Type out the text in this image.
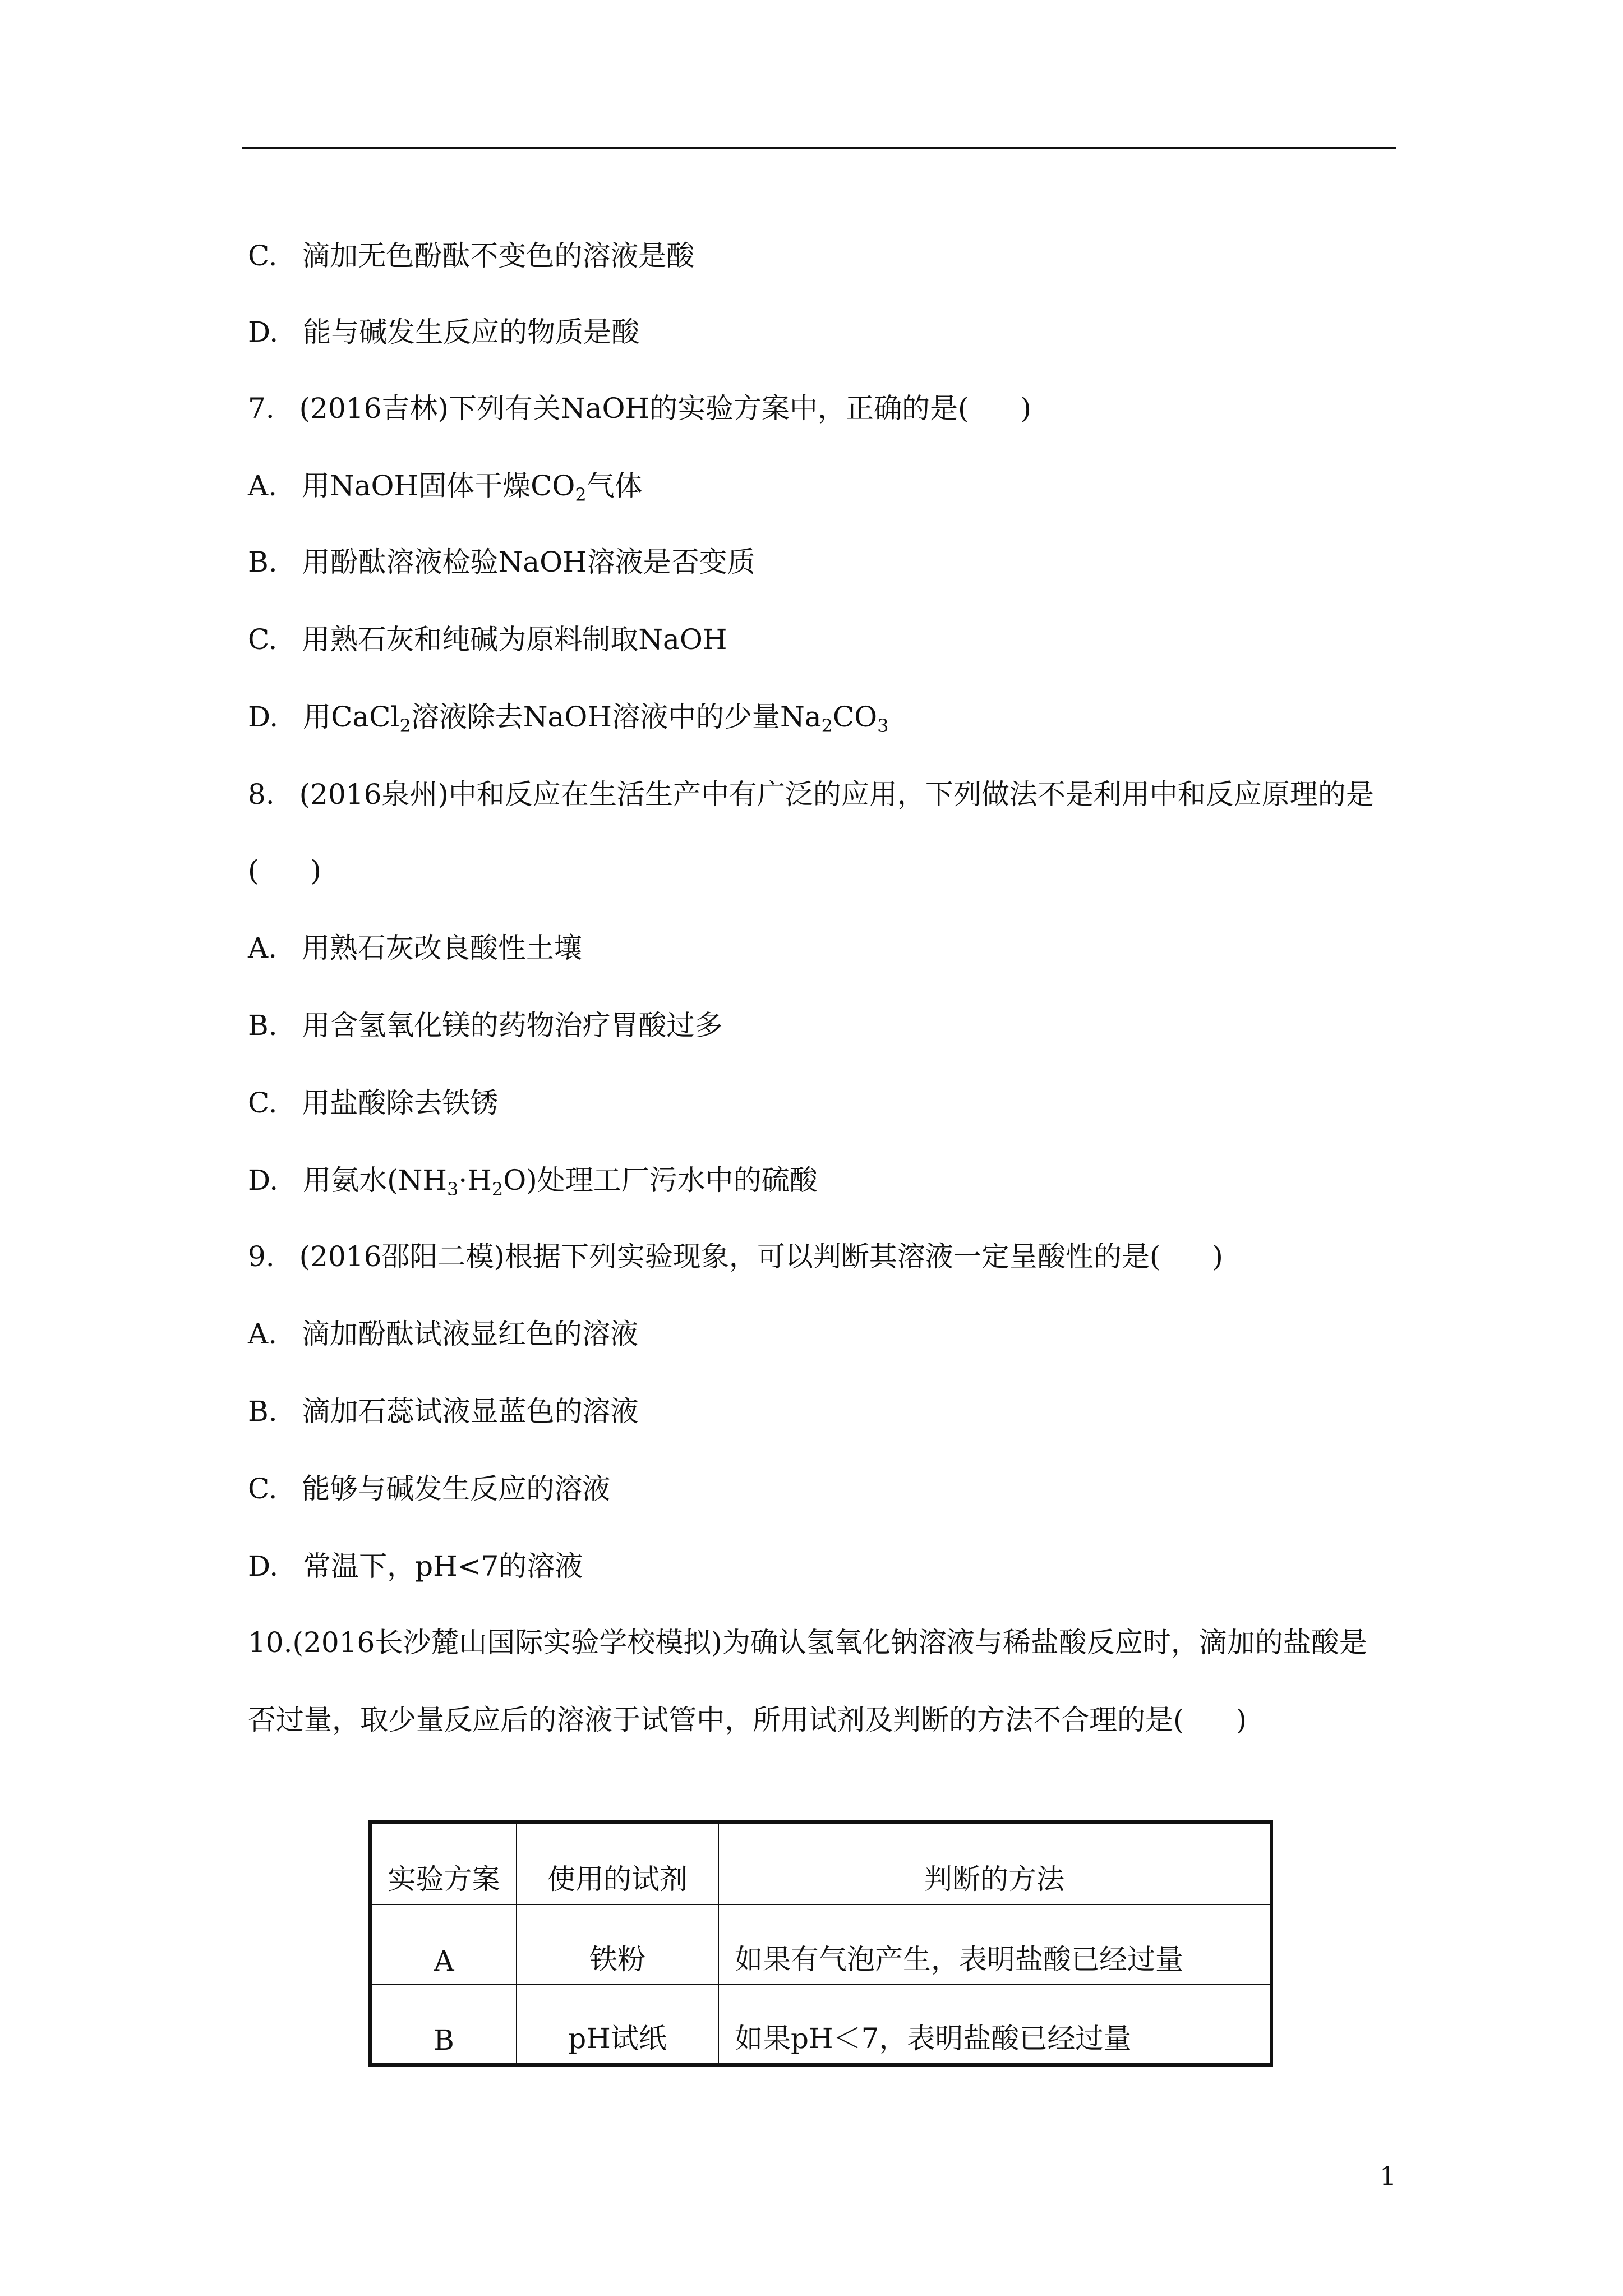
C. 滴加无色酚酞不变色的溶液是酸
D. 能与碱发生反应的物质是酸
7. (2016吉林)下列有关NaOH的实验方案中，正确的是( )
A. 用NaOH固体干燥$CO_2$气体
B. 用酚酞溶液检验NaOH溶液是否变质
C. 用熟石灰和纯碱为原料制取NaOH
D. 用CaCl$_2$溶液除去NaOH溶液中的少量$Na_2CO_3$
8. (2016泉州)中和反应在生活生产中有广泛的应用，下列做法不是利用中和反应原理的是
( )
A. 用熟石灰改良酸性土壤
B. 用含氢氧化镁的药物治疗胃酸过多
C. 用盐酸除去铁锈
D. 用氨水$(NH_3\cdot H_2O)$处理工厂污水中的硫酸
9. (2016邵阳二模)根据下列实验现象，可以判断其溶液一定呈酸性的是( )
A. 滴加酚酞试液显红色的溶液
B. 滴加石蕊试液显蓝色的溶液
C. 能够与碱发生反应的溶液
D. 常温下，pH<7的溶液
10.(2016长沙麓山国际实验学校模拟)为确认氢氧化钠溶液与稀盐酸反应时，滴加的盐酸是
否过量，取少量反应后的溶液于试管中，所用试剂及判断的方法不合理的是( )
实验方案	使用的试剂	判断的方法
A	铁粉	如果有气泡产生，表明盐酸已经过量
B	pH试纸	如果pH＜7，表明盐酸已经过量
1
